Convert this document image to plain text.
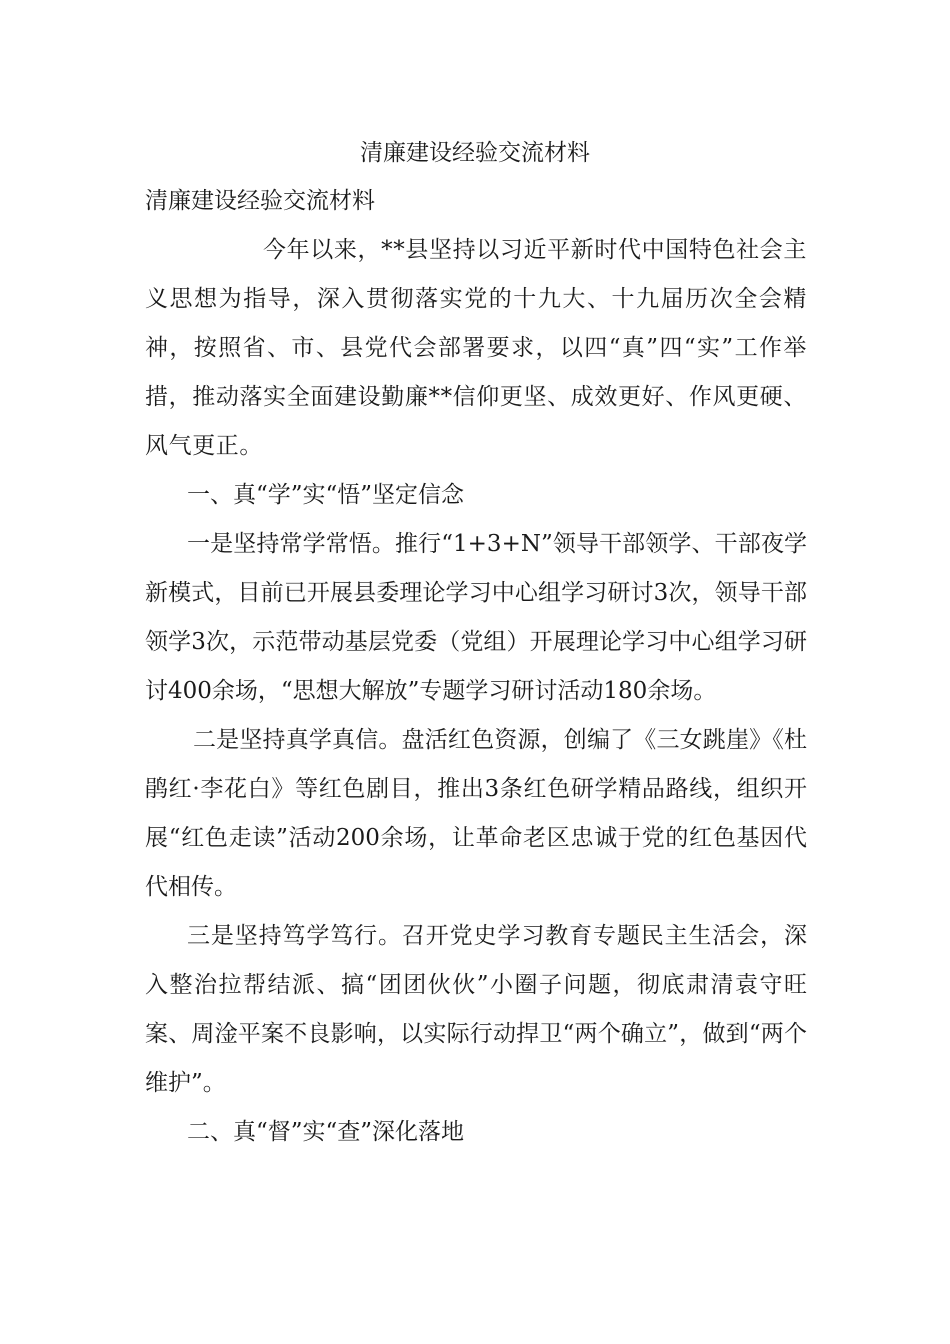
清廉建设经验交流材料

清廉建设经验交流材料

今年以来，**县坚持以习近平新时代中国特色社会主义思想为指导，深入贯彻落实党的十九大、十九届历次全会精神，按照省、市、县党代会部署要求，以四“真”四“实”工作举措，推动落实全面建设勤廉**信仰更坚、成效更好、作风更硬、风气更正。

一、真“学”实“悟”坚定信念

一是坚持常学常悟。推行“1+3+N”领导干部领学、干部夜学新模式，目前已开展县委理论学习中心组学习研讨3次，领导干部领学3次，示范带动基层党委（党组）开展理论学习中心组学习研讨400余场，“思想大解放”专题学习研讨活动180余场。

二是坚持真学真信。盘活红色资源，创编了《三女跳崖》《杜鹃红·李花白》等红色剧目，推出3条红色研学精品路线，组织开展“红色走读”活动200余场，让革命老区忠诚于党的红色基因代代相传。

三是坚持笃学笃行。召开党史学习教育专题民主生活会，深入整治拉帮结派、搞“团团伙伙”小圈子问题，彻底肃清袁守旺案、周淦平案不良影响，以实际行动捍卫“两个确立”，做到“两个维护”。

二、真“督”实“查”深化落地
